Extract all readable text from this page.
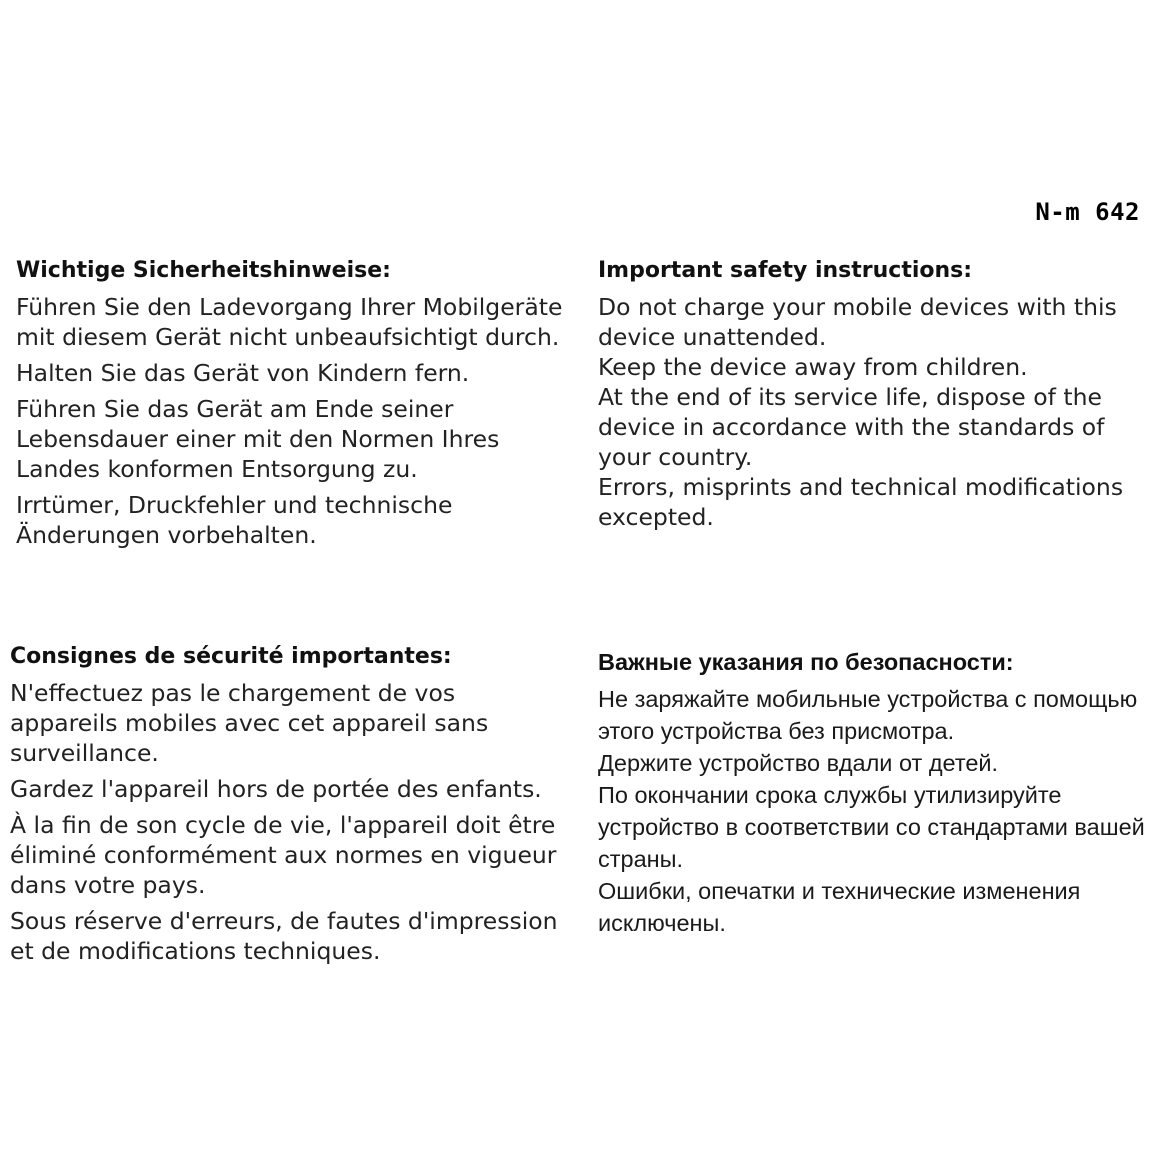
N-m 642
Wichtige Sicherheitshinweise:

Führen Sie den Ladevorgang Ihrer Mobilgeräte mit diesem Gerät nicht unbeaufsichtigt durch.

Halten Sie das Gerät von Kindern fern.

Führen Sie das Gerät am Ende seiner Lebensdauer einer mit den Normen Ihres Landes konformen Entsorgung zu.

Irrtümer, Druckfehler und technische Änderungen vorbehalten.

Important safety instructions:

Do not charge your mobile devices with this device unattended.

Keep the device away from children.

At the end of its service life, dispose of the device in accordance with the standards of your country.

Errors, misprints and technical modifications excepted.

Consignes de sécurité importantes:

N'effectuez pas le chargement de vos appareils mobiles avec cet appareil sans surveillance.

Gardez l'appareil hors de portée des enfants.

À la fin de son cycle de vie, l'appareil doit être éliminé conformément aux normes en vigueur dans votre pays.

Sous réserve d'erreurs, de fautes d'impression et de modifications techniques.

Важные указания по безопасности:

Не заряжайте мобильные устройства с помощью этого устройства без присмотра.

Держите устройство вдали от детей.

По окончании срока службы утилизируйте устройство в соответствии со стандартами вашей страны.

Ошибки, опечатки и технические изменения исключены.
